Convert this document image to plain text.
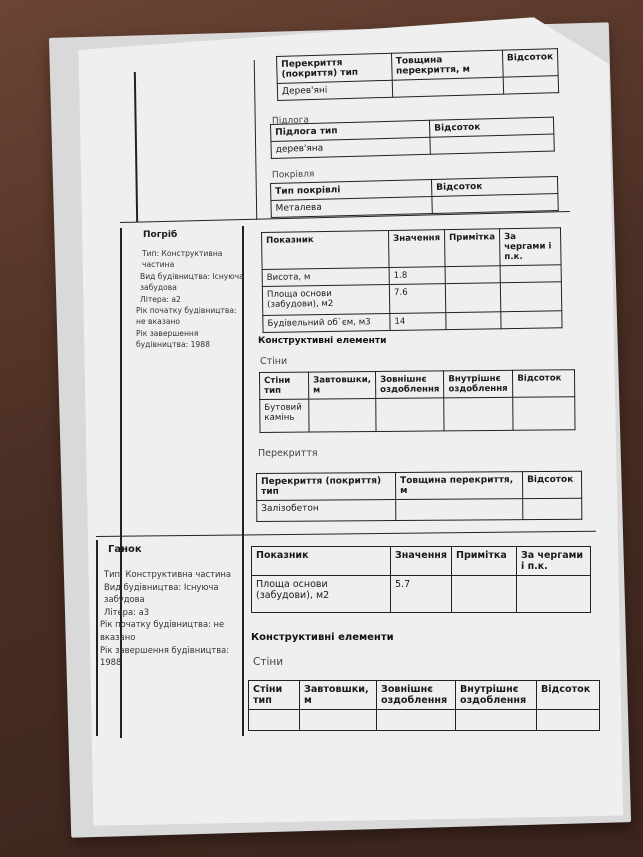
Перекриття (покриття) тип	Товщина перекриття, м	Відсоток
Дерев'яні		
Підлога
Підлога тип	Відсоток
дерев'яна	
Покрівля
Тип покрівлі	Відсоток
Металева	
Погріб
Тип: Конструктивна частина
Вид будівництва: Існуюча забудова
Літера: а2
Рік початку будівництва: не вказано
Рік завершення будівництва: 1988
Показник	Значення	Примітка	За чергами і п.к.
Висота, м	1.8		
Площа основи (забудови), м2	7.6		
Будівельний об`єм, м3	14		
Конструктивні елементи
Стіни
Стіни тип	Завтовшки, м	Зовнішнє оздоблення	Внутрішнє оздоблення	Відсоток
Бутовий камінь				
Перекриття
Перекриття (покриття) тип	Товщина перекриття, м	Відсоток
Залізобетон		
Ганок
Тип: Конструктивна частина
Вид будівництва: Існуюча забудова
Літера: а3
Рік початку будівництва: не вказано
Рік завершення будівництва: 1988
Показник	Значення	Примітка	За чергами і п.к.
Площа основи (забудови), м2	5.7		
Конструктивні елементи
Стіни
Стіни тип	Завтовшки, м	Зовнішнє оздоблення	Внутрішнє оздоблення	Відсоток
